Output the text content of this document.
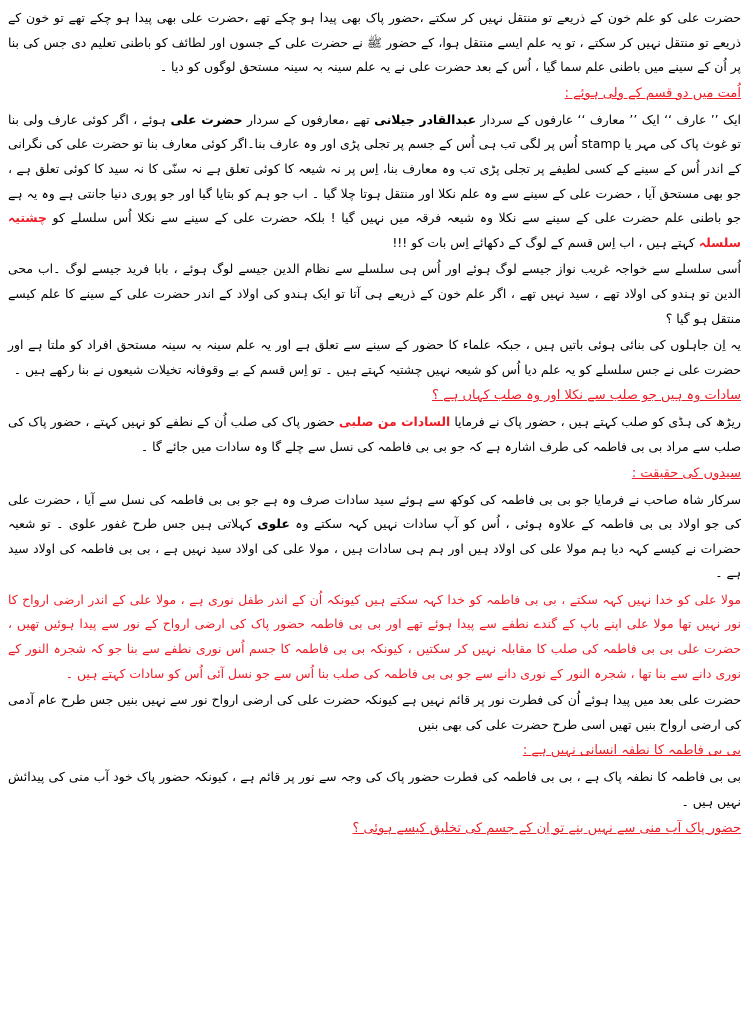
حضرت علی کو علم خون کے ذریعے تو منتقل نہیں کر سکتے ،حضور پاک بھی پیدا ہو چکے تھے ،حضرت علی بھی پیدا ہو چکے تھے تو خون کے ذریعے تو منتقل نہیں کر سکتے ، تو یہ علم ایسے منتقل ہوا، کے حضور ﷺ نے حضرت علی کے جسوں اور لطائف کو باطنی تعلیم دی جس کی بنا پر اُن کے سینے میں باطنی علم سما گیا ، اُس کے بعد حضرت علی نے یہ علم سینہ بہ سینہ مستحق لوگوں کو دیا ۔

اُمت میں دو قسم کے ولی ہوئے :

ایک ’’ عارف ‘‘ ایک ’’ معارف ‘‘ عارفوں کے سردار عبدالقادر جیلانی تھے ،معارفوں کے سردار حضرت علی ہوئے ، اگر کوئی عارف ولی بنا تو غوث پاک کی مہر یا stamp اُس پر لگی تب ہی اُس کے جسم پر تجلی پڑی اور وہ عارف بنا۔اگر کوئی معارف بنا تو حضرت علی کی نگرانی کے اندر اُس کے سینے کے کسی لطیفے پر تجلی پڑی تب وہ معارف بنا، اِس پر نہ شیعہ کا کوئی تعلق ہے نہ سنّی کا نہ سید کا کوئی تعلق ہے ، جو بھی مستحق آیا ، حضرت علی کے سینے سے وہ علم نکلا اور منتقل ہوتا چلا گیا ۔ اب جو ہم کو بتایا گیا اور جو پوری دنیا جانتی ہے وہ یہ ہے جو باطنی علم حضرت علی کے سینے سے نکلا وہ شیعہ فرقہ میں نہیں گیا ! بلکہ حضرت علی کے سینے سے نکلا اُس سلسلے کو چشتیہ سلسلہ کہتے ہیں ، اب اِس قسم کے لوگ کے دکھائے اِس بات کو !!!

اُسی سلسلے سے خواجہ غریب نواز جیسے لوگ ہوئے اور اُس ہی سلسلے سے نظام الدین جیسے لوگ ہوئے ، بابا فرید جیسے لوگ ۔اب محی الدین تو ہندو کی اولاد تھے ، سید نہیں تھے ، اگر علم خون کے ذریعے ہی آتا تو ایک ہندو کی اولاد کے اندر حضرت علی کے سینے کا علم کیسے منتقل ہو گیا ؟

یہ اِن جاہلوں کی بنائی ہوئی باتیں ہیں ، جبکہ علماء کا حضور کے سینے سے تعلق ہے اور یہ علم سینہ بہ سینہ مستحق افراد کو ملتا ہے اور حضرت علی نے جس سلسلے کو یہ علم دیا اُس کو شیعہ نہیں چشتیہ کہتے ہیں ۔ تو اِس قسم کے بے وقوفانہ تخیلات شیعوں نے بنا رکھے ہیں ۔

سادات وہ ہیں جو صلب سے نکلا اور وہ صلب کہاں ہے ؟

ریڑھ کی ہڈی کو صلب کہتے ہیں ، حضور پاک نے فرمایا السادات من صلبی حضور پاک کی صلب اُن کے نطفے کو نہیں کہتے ، حضور پاک کی صلب سے مراد بی بی فاطمہ کی طرف اشارہ ہے کہ جو بی بی فاطمہ کی نسل سے چلے گا وہ سادات میں جائے گا ۔

سیدوں کی حقیقت :

سرکار شاہ صاحب نے فرمایا جو بی بی فاطمہ کی کوکھ سے ہوئے سید سادات صرف وہ ہے جو بی بی فاطمہ کی نسل سے آیا ، حضرت علی کی جو اولاد بی بی فاطمہ کے علاوہ ہوئی ، اُس کو آپ سادات نہیں کہہ سکتے وہ علوی کہلاتی ہیں جس طرح غفور علوی ۔ تو شعیہ حضرات نے کیسے کہہ دیا ہم مولا علی کی اولاد ہیں اور ہم ہی سادات ہیں ، مولا علی کی اولاد سید نہیں ہے ، بی بی فاطمہ کی اولاد سید ہے ۔

مولا علی کو خدا نہیں کہہ سکتے ، بی بی فاطمہ کو خدا کہہ سکتے ہیں کیونکہ اُن کے اندر طفل نوری ہے ، مولا علی کے اندر ارضی ارواح کا نور نہیں تھا مولا علی اپنے باپ کے گندے نطفے سے پیدا ہوئے تھے اور بی بی فاطمہ حضور پاک کی ارضی ارواح کے نور سے پیدا ہوئیں تھیں ، حضرت علی بی بی فاطمہ کی صلب کا مقابلہ نہیں کر سکتیں ، کیونکہ بی بی فاطمہ کا جسم اُس نوری نطفے سے بنا جو کہ شجرہ النور کے نوری دانے سے بنا تھا ، شجرہ النور کے نوری دانے سے جو بی بی فاطمہ کی صلب بنا اُس سے جو نسل آئی اُس کو سادات کہتے ہیں ۔

حضرت علی بعد میں پیدا ہوئے اُن کی فطرت نور پر قائم نہیں ہے کیونکہ حضرت علی کی ارضی ارواح نور سے نہیں بنیں جس طرح عام آدمی کی ارضی ارواح بنیں تھیں اسی طرح حضرت علی کی بھی بنیں

بی بی فاطمہ کا نطفہ انسانی نہیں ہے :

بی بی فاطمہ کا نطفہ پاک ہے ، بی بی فاطمہ کی فطرت حضور پاک کی وجہ سے نور پر قائم ہے ، کیونکہ حضور پاک خود آب منی کی پیدائش نہیں ہیں ۔

حضور پاک آب منی سے نہیں بنے تو اِن کے جسم کی تخلیق کیسے ہوئی ؟
